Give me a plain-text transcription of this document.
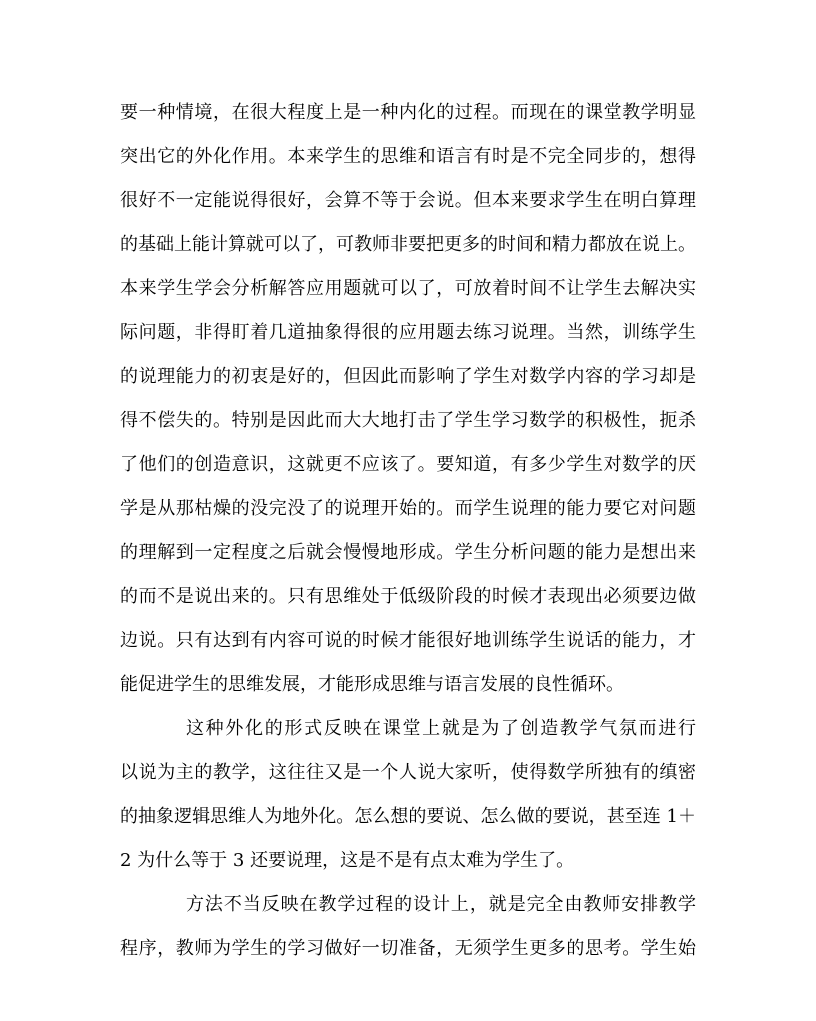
要一种情境，在很大程度上是一种内化的过程。而现在的课堂教学明显
突出它的外化作用。本来学生的思维和语言有时是不完全同步的，想得
很好不一定能说得很好，会算不等于会说。但本来要求学生在明白算理
的基础上能计算就可以了，可教师非要把更多的时间和精力都放在说上。
本来学生学会分析解答应用题就可以了，可放着时间不让学生去解决实
际问题，非得盯着几道抽象得很的应用题去练习说理。当然，训练学生
的说理能力的初衷是好的，但因此而影响了学生对数学内容的学习却是
得不偿失的。特别是因此而大大地打击了学生学习数学的积极性，扼杀
了他们的创造意识，这就更不应该了。要知道，有多少学生对数学的厌
学是从那枯燥的没完没了的说理开始的。而学生说理的能力要它对问题
的理解到一定程度之后就会慢慢地形成。学生分析问题的能力是想出来
的而不是说出来的。只有思维处于低级阶段的时候才表现出必须要边做
边说。只有达到有内容可说的时候才能很好地训练学生说话的能力，才
能促进学生的思维发展，才能形成思维与语言发展的良性循环。
这种外化的形式反映在课堂上就是为了创造教学气氛而进行
以说为主的教学，这往往又是一个人说大家听，使得数学所独有的缜密
的抽象逻辑思维人为地外化。怎么想的要说、怎么做的要说，甚至连 1＋
2 为什么等于 3 还要说理，这是不是有点太难为学生了。
方法不当反映在教学过程的设计上，就是完全由教师安排教学
程序，教师为学生的学习做好一切准备，无须学生更多的思考。学生始
